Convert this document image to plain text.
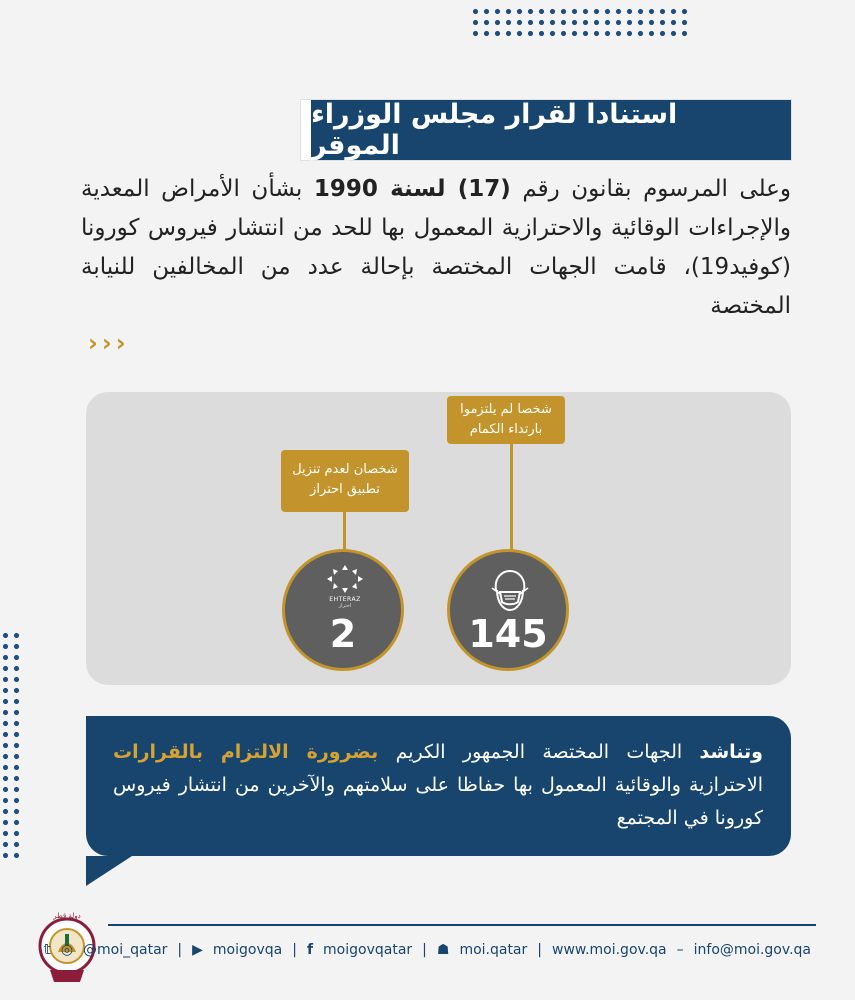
استنادا لقرار مجلس الوزراء الموقر
وعلى المرسوم بقانون رقم (17) لسنة 1990 بشأن الأمراض المعدية والإجراءات الوقائية والاحترازية المعمول بها للحد من انتشار فيروس كورونا (كوفيد19)، قامت الجهات المختصة بإحالة عدد من المخالفين للنيابة المختصة
›››
شخصا لم يلتزموا بارتداء الكمام
شخصان لعدم تنزيل تطبيق احتراز
145
EHTERAZ
احتراز
2
وتناشد الجهات المختصة الجمهور الكريم بضرورة الالتزام بالقرارات الاحترازية والوقائية المعمول بها حفاظا على سلامتهم والآخرين من انتشار فيروس كورونا في المجتمع
دولة قطر
𝕥 ◎ @moi_qatar | ▶ moigovqa | f moigovqatar | ☗ moi.qatar | www.moi.gov.qa – info@moi.gov.qa
